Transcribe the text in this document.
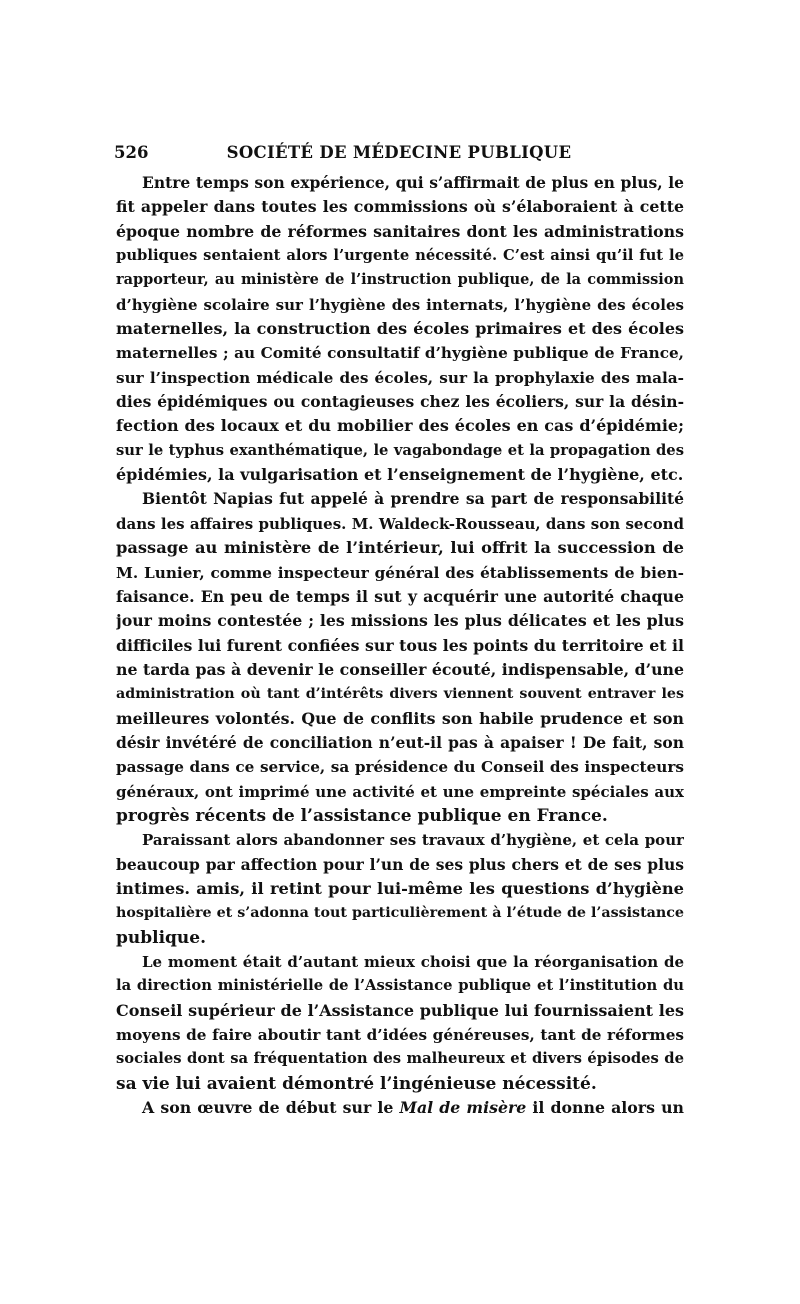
526	SOCIÉTÉ DE MÉDECINE PUBLIQUE
Entre temps son expérience, qui s’affirmait de plus en plus, le
fit appeler dans toutes les commissions où s’élaboraient à cette
époque nombre de réformes sanitaires dont les administrations
publiques sentaient alors l’urgente nécessité. C’est ainsi qu’il fut le
rapporteur, au ministère de l’instruction publique, de la commission
d’hygiène scolaire sur l’hygiène des internats, l’hygiène des écoles
maternelles, la construction des écoles primaires et des écoles
maternelles ; au Comité consultatif d’hygiène publique de France,
sur l’inspection médicale des écoles, sur la prophylaxie des mala-
dies épidémiques ou contagieuses chez les écoliers, sur la désin-
fection des locaux et du mobilier des écoles en cas d’épidémie;
sur le typhus exanthématique, le vagabondage et la propagation des
épidémies, la vulgarisation et l’enseignement de l’hygiène, etc.
Bientôt Napias fut appelé à prendre sa part de responsabilité
dans les affaires publiques. M. Waldeck-Rousseau, dans son second
passage au ministère de l’intérieur, lui offrit la succession de
M. Lunier, comme inspecteur général des établissements de bien-
faisance. En peu de temps il sut y acquérir une autorité chaque
jour moins contestée ; les missions les plus délicates et les plus
difficiles lui furent confiées sur tous les points du territoire et il
ne tarda pas à devenir le conseiller écouté, indispensable, d’une
administration où tant d’intérêts divers viennent souvent entraver les
meilleures volontés. Que de conflits son habile prudence et son
désir invétéré de conciliation n’eut-il pas à apaiser ! De fait, son
passage dans ce service, sa présidence du Conseil des inspecteurs
généraux, ont imprimé une activité et une empreinte spéciales aux
progrès récents de l’assistance publique en France.
Paraissant alors abandonner ses travaux d’hygiène, et cela pour
beaucoup par affection pour l’un de ses plus chers et de ses plus
intimes. amis, il retint pour lui-même les questions d’hygiène
hospitalière et s’adonna tout particulièrement à l’étude de l’assistance
publique.
Le moment était d’autant mieux choisi que la réorganisation de
la direction ministérielle de l’Assistance publique et l’institution du
Conseil supérieur de l’Assistance publique lui fournissaient les
moyens de faire aboutir tant d’idées généreuses, tant de réformes
sociales dont sa fréquentation des malheureux et divers épisodes de
sa vie lui avaient démontré l’ingénieuse nécessité.
A son œuvre de début sur le Mal de misère il donne alors un
